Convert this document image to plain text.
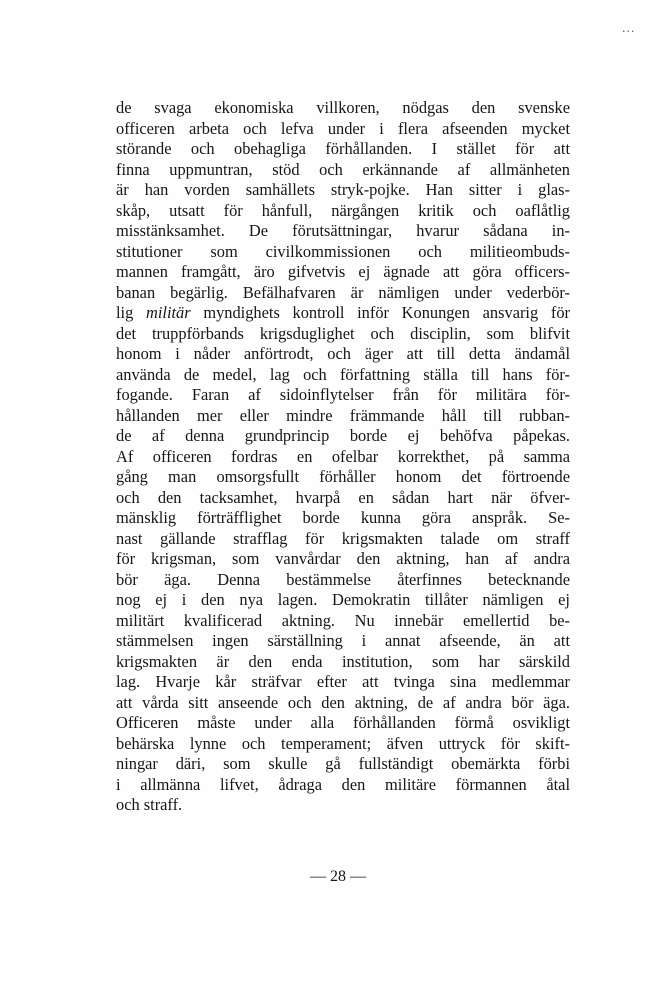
...
de svaga ekonomiska villkoren, nödgas den svenske
officeren arbeta och lefva under i flera afseenden mycket
störande och obehagliga förhållanden. I stället för att
finna uppmuntran, stöd och erkännande af allmänheten
är han vorden samhällets stryk-pojke. Han sitter i glas-
skåp, utsatt för hånfull, närgången kritik och oaflåtlig
misstänksamhet. De förutsättningar, hvarur sådana in-
stitutioner som civilkommissionen och militieombuds-
mannen framgått, äro gifvetvis ej ägnade att göra officers-
banan begärlig. Befälhafvaren är nämligen under vederbör-
lig militär myndighets kontroll inför Konungen ansvarig för
det truppförbands krigsduglighet och disciplin, som blifvit
honom i nåder anförtrodt, och äger att till detta ändamål
använda de medel, lag och författning ställa till hans för-
fogande. Faran af sidoinflytelser från för militära för-
hållanden mer eller mindre främmande håll till rubban-
de af denna grundprincip borde ej behöfva påpekas.
Af officeren fordras en ofelbar korrekthet, på samma
gång man omsorgsfullt förhåller honom det förtroende
och den tacksamhet, hvarpå en sådan hart när öfver-
mänsklig förträfflighet borde kunna göra anspråk. Se-
nast gällande strafflag för krigsmakten talade om straff
för krigsman, som vanvårdar den aktning, han af andra
bör äga. Denna bestämmelse återfinnes betecknande
nog ej i den nya lagen. Demokratin tillåter nämligen ej
militärt kvalificerad aktning. Nu innebär emellertid be-
stämmelsen ingen särställning i annat afseende, än att
krigsmakten är den enda institution, som har särskild
lag. Hvarje kår sträfvar efter att tvinga sina medlemmar
att vårda sitt anseende och den aktning, de af andra bör äga.
Officeren måste under alla förhållanden förmå osvikligt
behärska lynne och temperament; äfven uttryck för skift-
ningar däri, som skulle gå fullständigt obemärkta förbi
i allmänna lifvet, ådraga den militäre förmannen åtal
och straff.
— 28 —
